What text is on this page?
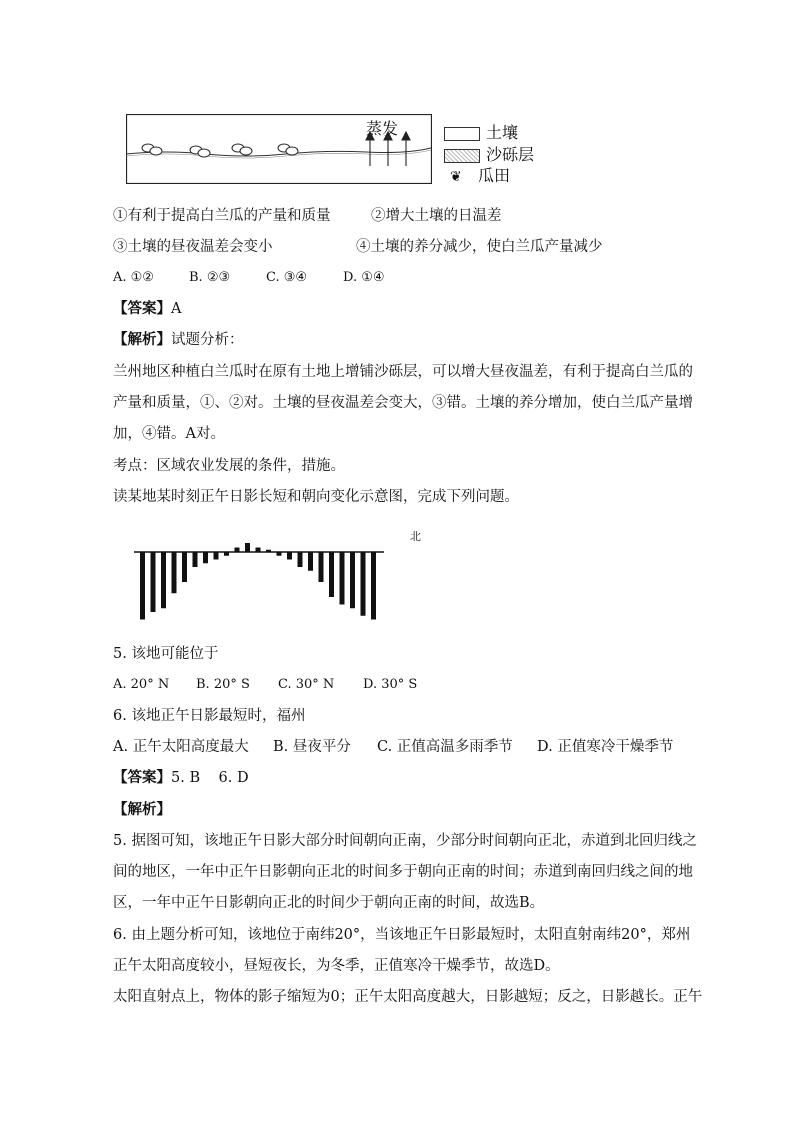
蒸发	土壤
沙砾层
❦ 瓜田
①有利于提高白兰瓜的产量和质量	②增大土壤的日温差
③土壤的昼夜温差会变小	④土壤的养分减少，使白兰瓜产量减少
A. ①②	B. ②③	C. ③④	D. ①④
【答案】A
【解析】试题分析：
兰州地区种植白兰瓜时在原有土地上增铺沙砾层，可以增大昼夜温差，有利于提高白兰瓜的
产量和质量，①、②对。土壤的昼夜温差会变大，③错。土壤的养分增加，使白兰瓜产量增
加，④错。A对。
考点：区域农业发展的条件，措施。
读某地某时刻正午日影长短和朝向变化示意图，完成下列问题。
北
5. 该地可能位于
A. 20° N B. 20° S C. 30° N D. 30° S
6. 该地正午日影最短时，福州
A. 正午太阳高度最大 B. 昼夜平分 C. 正值高温多雨季节 D. 正值寒冷干燥季节
【答案】5. B    6. D
【解析】
5. 据图可知，该地正午日影大部分时间朝向正南，少部分时间朝向正北，赤道到北回归线之
间的地区，一年中正午日影朝向正北的时间多于朝向正南的时间；赤道到南回归线之间的地
区，一年中正午日影朝向正北的时间少于朝向正南的时间，故选B。
6. 由上题分析可知，该地位于南纬20°，当该地正午日影最短时，太阳直射南纬20°，郑州
正午太阳高度较小，昼短夜长，为冬季，正值寒冷干燥季节，故选D。
太阳直射点上，物体的影子缩短为0；正午太阳高度越大，日影越短；反之，日影越长。正午
